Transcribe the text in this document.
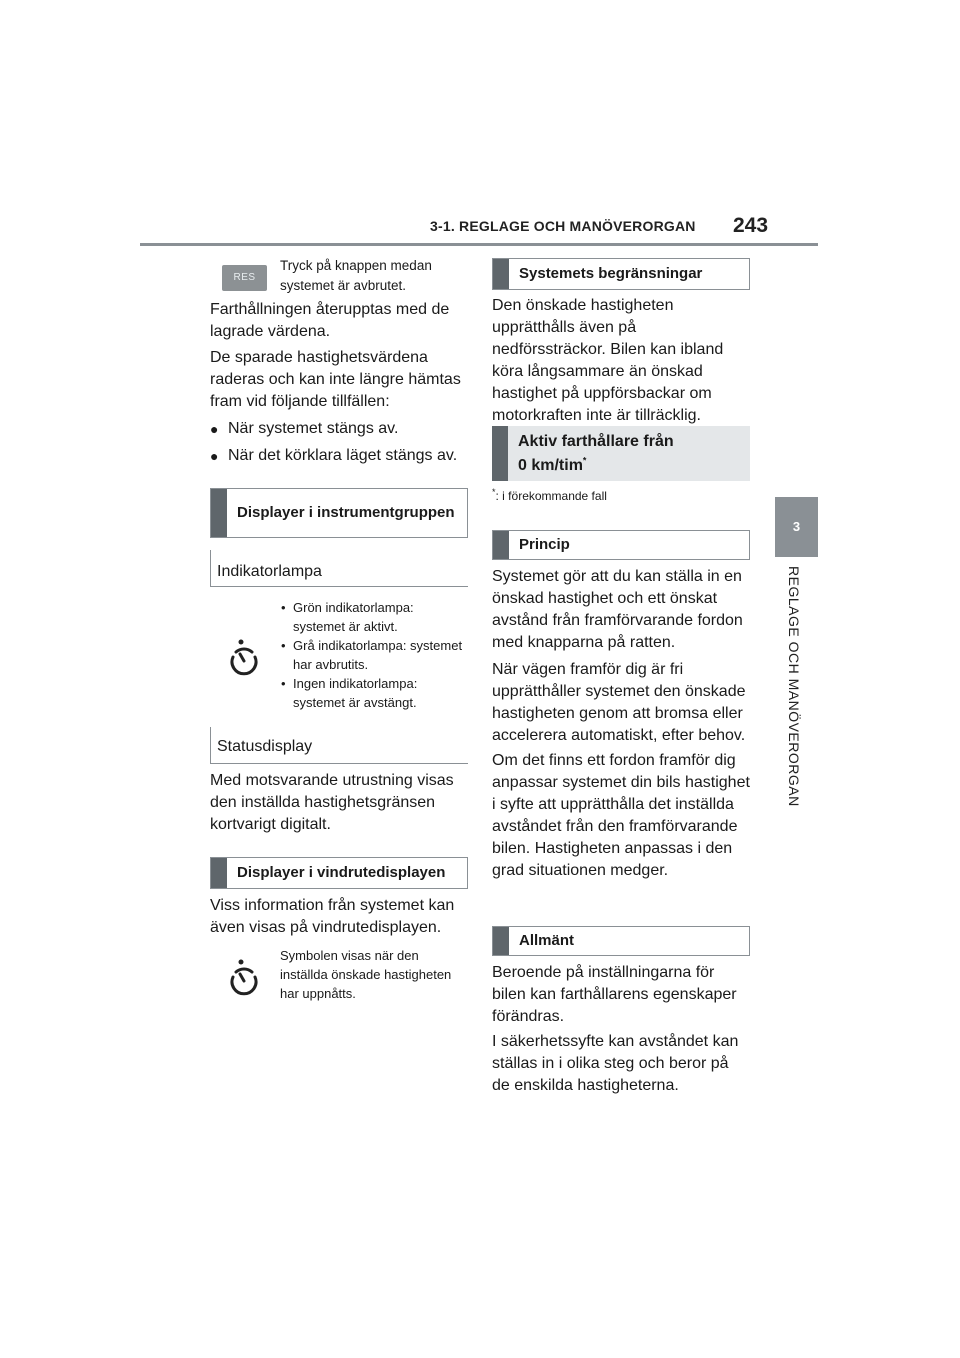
3-1. REGLAGE OCH MANÖVERORGAN 243
3
REGLAGE OCH MANÖVERORGAN
RES
Tryck på knappen medan systemet är avbrutet.
Farthållningen återupptas med de lagrade värdena.
De sparade hastighetsvärdena raderas och kan inte längre hämtas fram vid följande tillfällen:
● När systemet stängs av.
● När det körklara läget stängs av.
Displayer i instrumentgruppen
Indikatorlampa
• Grön indikatorlampa: systemet är aktivt.
• Grå indikatorlampa: systemet har avbrutits.
• Ingen indikatorlampa: systemet är avstängt.
Statusdisplay
Med motsvarande utrustning visas den inställda hastighetsgränsen kortvarigt digitalt.
Displayer i vindrutedisplayen
Viss information från systemet kan även visas på vindrutedisplayen.
Symbolen visas när den inställda önskade hastigheten har uppnåtts.
Systemets begränsningar
Den önskade hastigheten upprätthålls även på nedförssträckor. Bilen kan ibland köra långsammare än önskad hastighet på uppförsbackar om motorkraften inte är tillräcklig.
Aktiv farthållare från
0 km/tim*
*: i förekommande fall
Princip
Systemet gör att du kan ställa in en önskad hastighet och ett önskat avstånd från framförvarande fordon med knapparna på ratten.
När vägen framför dig är fri upprätthåller systemet den önskade hastigheten genom att bromsa eller accelerera automatiskt, efter behov.
Om det finns ett fordon framför dig anpassar systemet din bils hastighet i syfte att upprätthålla det inställda avståndet från den framförvarande bilen. Hastigheten anpassas i den grad situationen medger.
Allmänt
Beroende på inställningarna för bilen kan farthållarens egenskaper förändras.
I säkerhetssyfte kan avståndet kan ställas in i olika steg och beror på de enskilda hastigheterna.
